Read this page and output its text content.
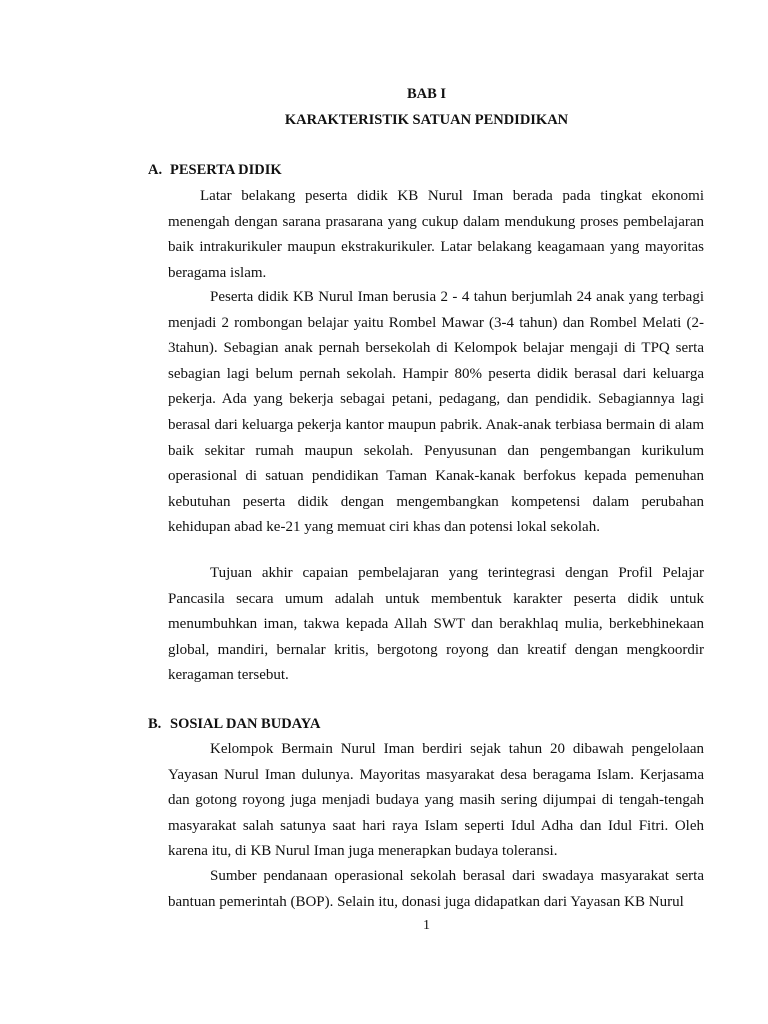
BAB I
KARAKTERISTIK SATUAN PENDIDIKAN
A. PESERTA DIDIK

Latar belakang peserta didik KB Nurul Iman berada pada tingkat ekonomi menengah dengan sarana prasarana yang cukup dalam mendukung proses pembelajaran baik intrakurikuler maupun ekstrakurikuler. Latar belakang keagamaan yang mayoritas beragama islam.

Peserta didik KB Nurul Iman berusia 2 - 4 tahun berjumlah 24 anak yang terbagi menjadi 2 rombongan belajar yaitu Rombel Mawar (3-4 tahun) dan Rombel Melati (2-3tahun). Sebagian anak pernah bersekolah di Kelompok belajar mengaji di TPQ serta sebagian lagi belum pernah sekolah. Hampir 80% peserta didik berasal dari keluarga pekerja. Ada yang bekerja sebagai petani, pedagang, dan pendidik. Sebagiannya lagi berasal dari keluarga pekerja kantor maupun pabrik. Anak-anak terbiasa bermain di alam baik sekitar rumah maupun sekolah. Penyusunan dan pengembangan kurikulum operasional di satuan pendidikan Taman Kanak-kanak berfokus kepada pemenuhan kebutuhan peserta didik dengan mengembangkan kompetensi dalam perubahan kehidupan abad ke-21 yang memuat ciri khas dan potensi lokal sekolah.

Tujuan akhir capaian pembelajaran yang terintegrasi dengan Profil Pelajar Pancasila secara umum adalah untuk membentuk karakter peserta didik untuk menumbuhkan iman, takwa kepada Allah SWT dan berakhlaq mulia, berkebhinekaan global, mandiri, bernalar kritis, bergotong royong dan kreatif dengan mengkoordir keragaman tersebut.

B. SOSIAL DAN BUDAYA

Kelompok Bermain Nurul Iman berdiri sejak tahun 20 dibawah pengelolaan Yayasan Nurul Iman dulunya. Mayoritas masyarakat desa beragama Islam. Kerjasama dan gotong royong juga menjadi budaya yang masih sering dijumpai di tengah-tengah masyarakat salah satunya saat hari raya Islam seperti Idul Adha dan Idul Fitri. Oleh karena itu, di KB Nurul Iman juga menerapkan budaya toleransi.

Sumber pendanaan operasional sekolah berasal dari swadaya masyarakat serta bantuan pemerintah (BOP). Selain itu, donasi juga didapatkan dari Yayasan KB Nurul

1
